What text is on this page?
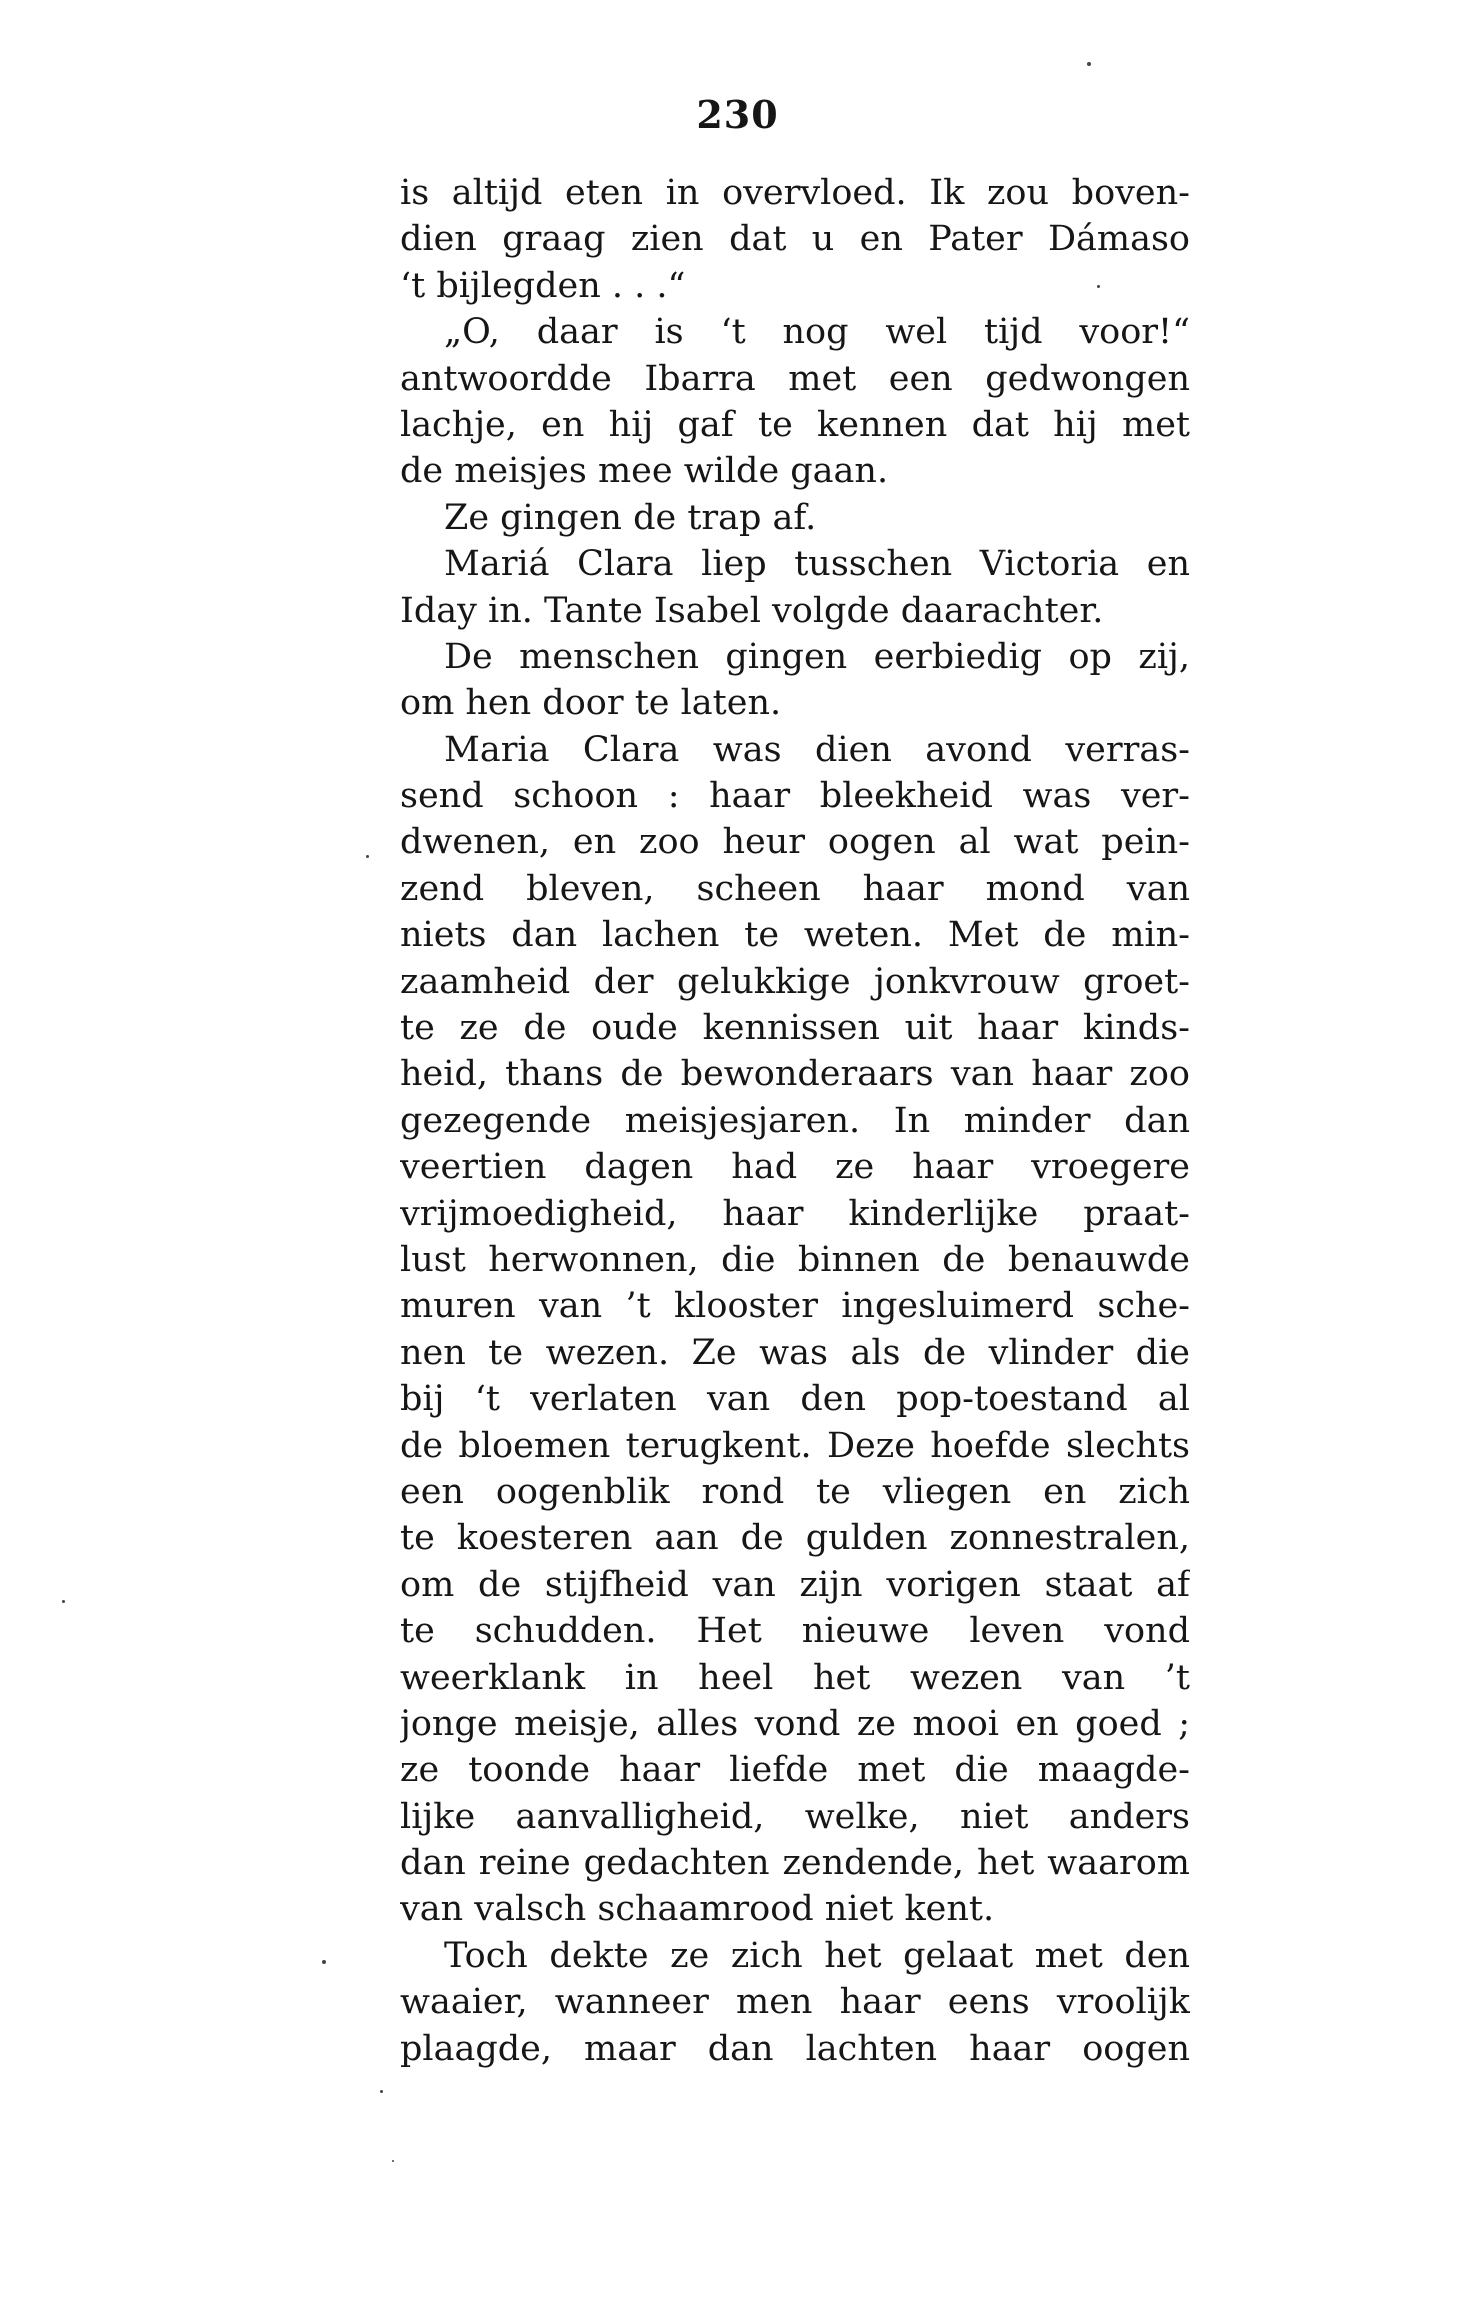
230
is altijd eten in overvloed. Ik zou boven-
dien graag zien dat u en Pater Dámaso
‘t bijlegden . . .“
„O, daar is ‘t nog wel tijd voor!“
antwoordde Ibarra met een gedwongen
lachje, en hij gaf te kennen dat hij met
de meisjes mee wilde gaan.
Ze gingen de trap af.
Mariá Clara liep tusschen Victoria en
Iday in. Tante Isabel volgde daarachter.
De menschen gingen eerbiedig op zij,
om hen door te laten.
Maria Clara was dien avond verras-
send schoon : haar bleekheid was ver-
dwenen, en zoo heur oogen al wat pein-
zend bleven, scheen haar mond van
niets dan lachen te weten. Met de min-
zaamheid der gelukkige jonkvrouw groet-
te ze de oude kennissen uit haar kinds-
heid, thans de bewonderaars van haar zoo
gezegende meisjesjaren. In minder dan
veertien dagen had ze haar vroegere
vrijmoedigheid, haar kinderlijke praat-
lust herwonnen, die binnen de benauwde
muren van ’t klooster ingesluimerd sche-
nen te wezen. Ze was als de vlinder die
bij ‘t verlaten van den pop-toestand al
de bloemen terugkent. Deze hoefde slechts
een oogenblik rond te vliegen en zich
te koesteren aan de gulden zonnestralen,
om de stijfheid van zijn vorigen staat af
te schudden. Het nieuwe leven vond
weerklank in heel het wezen van ’t
jonge meisje, alles vond ze mooi en goed ;
ze toonde haar liefde met die maagde-
lijke aanvalligheid, welke, niet anders
dan reine gedachten zendende, het waarom
van valsch schaamrood niet kent.
Toch dekte ze zich het gelaat met den
waaier, wanneer men haar eens vroolijk
plaagde, maar dan lachten haar oogen
